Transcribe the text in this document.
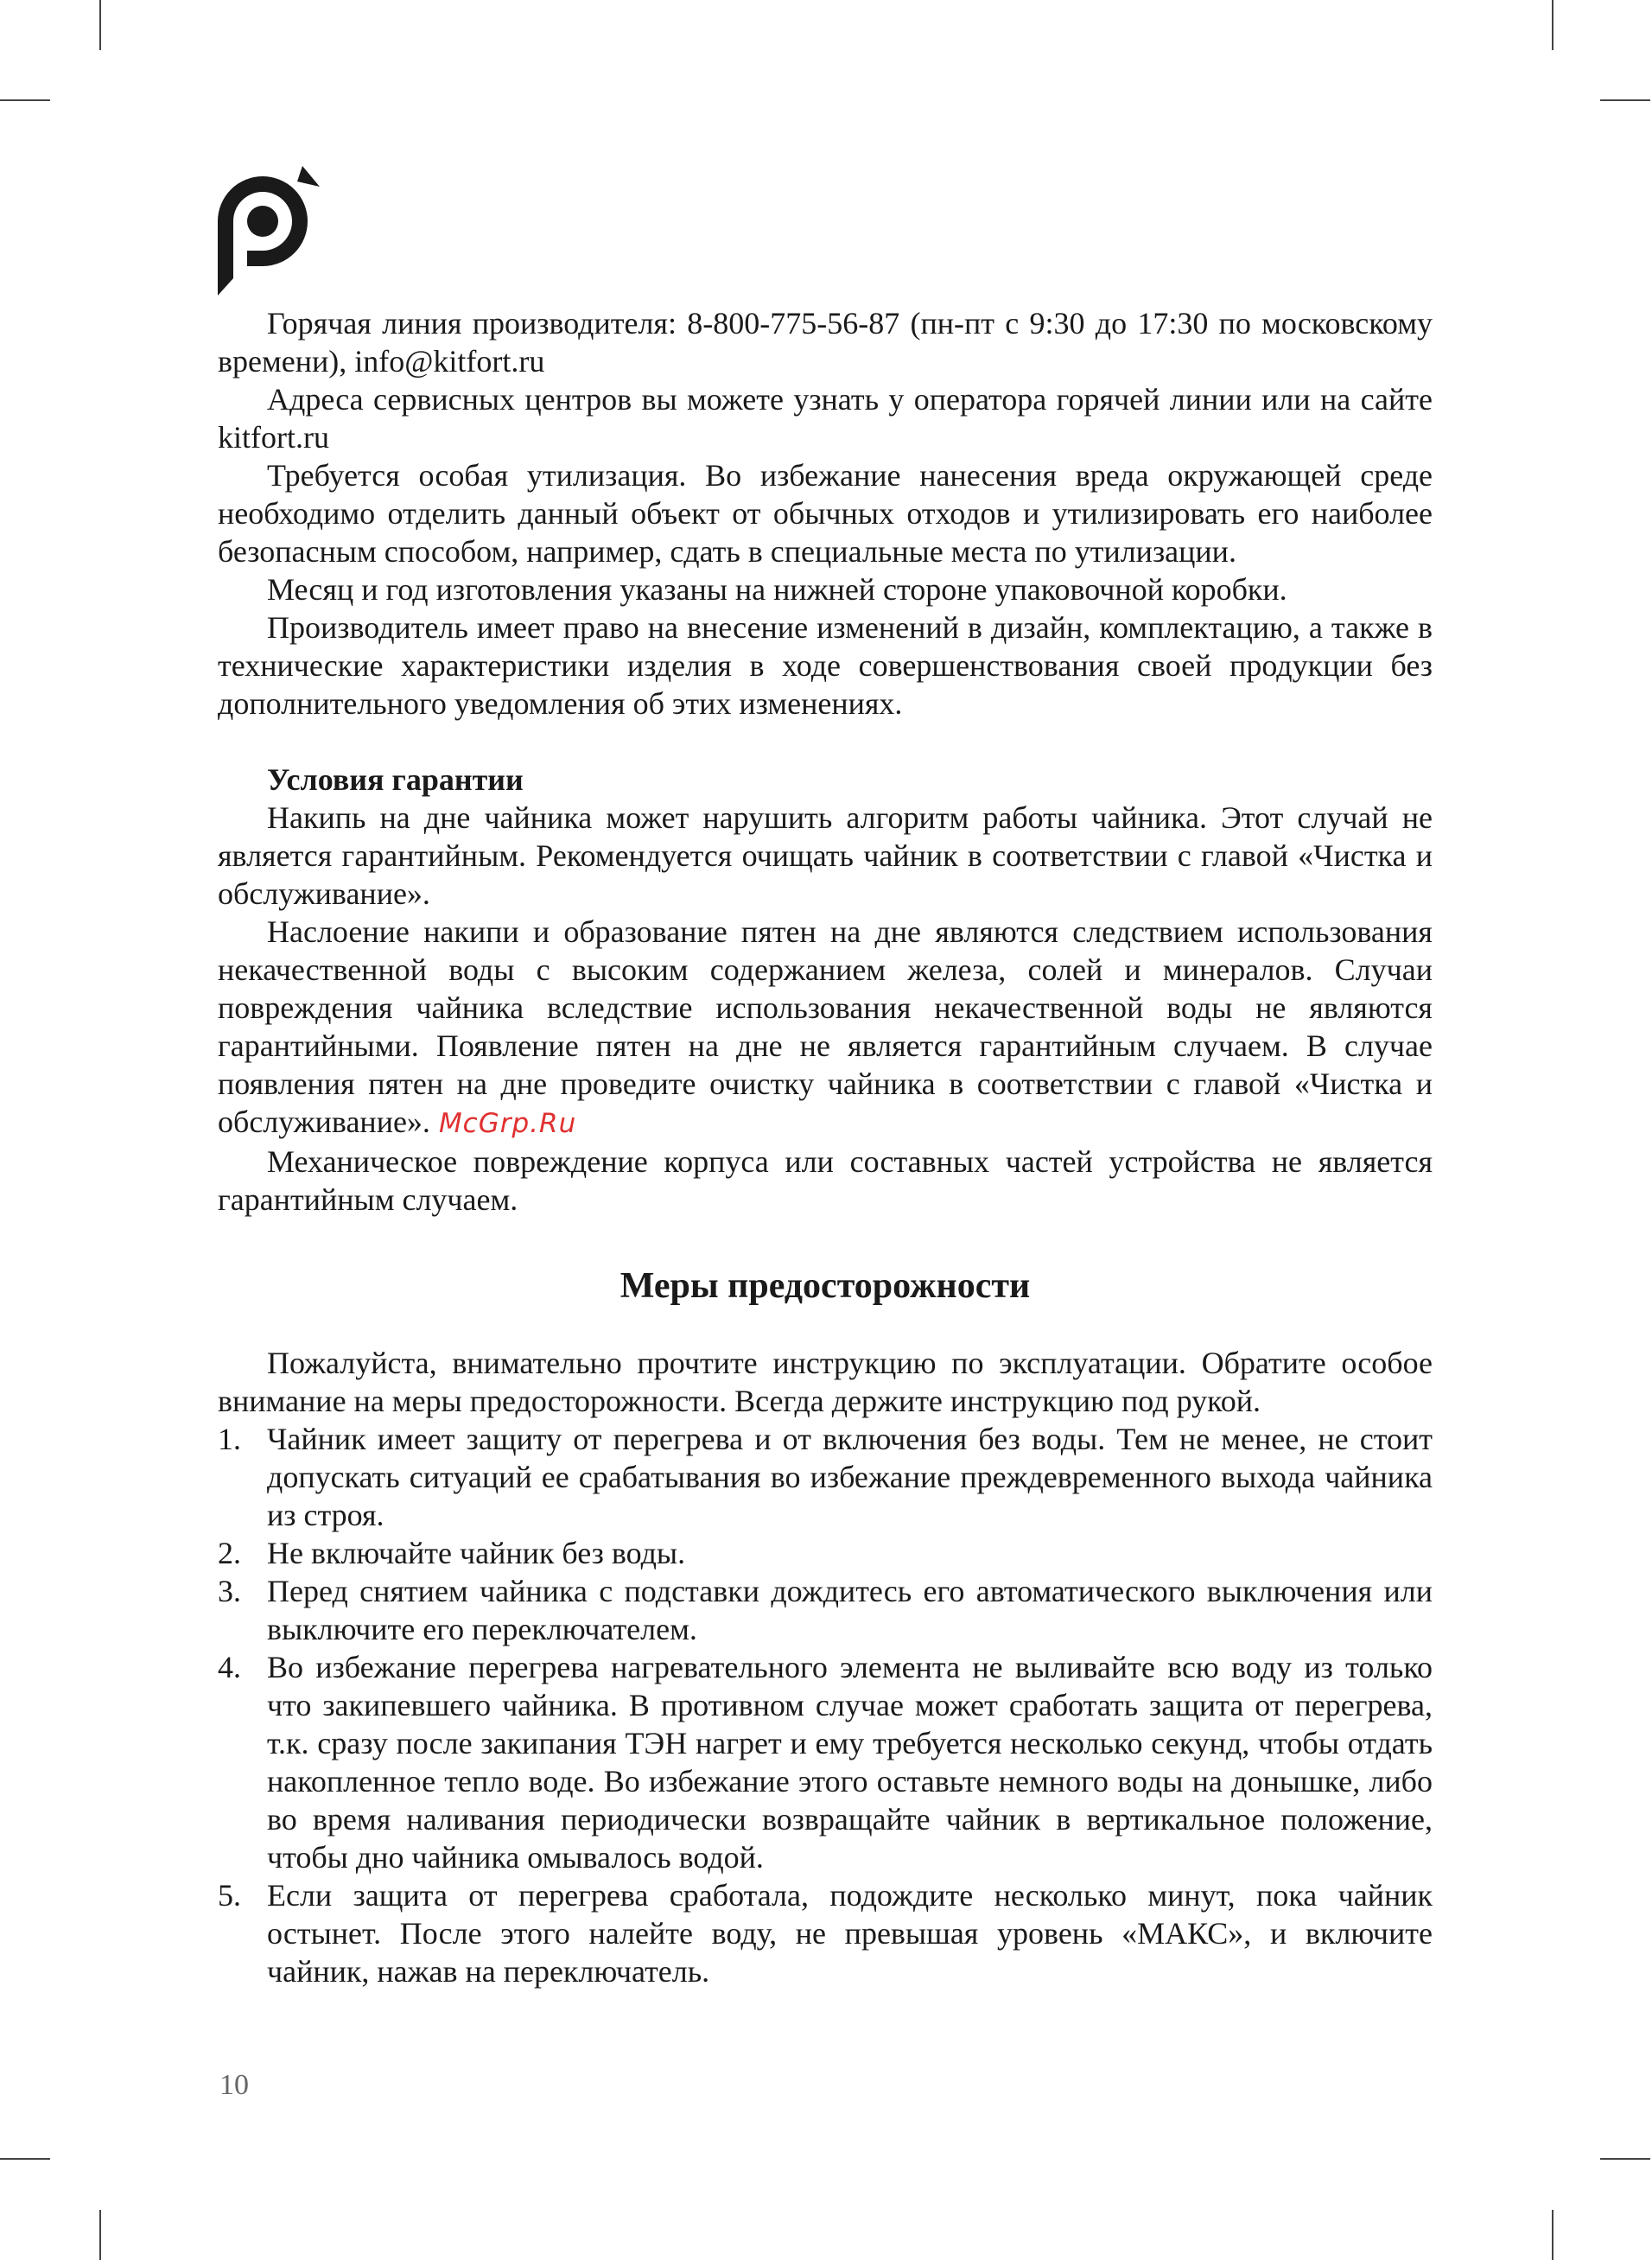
Горячая линия производителя: 8-800-775-56-87 (пн-пт с 9:30 до 17:30 по московскому времени), info@kitfort.ru

Адреса сервисных центров вы можете узнать у оператора горячей линии или на сайте kitfort.ru

Требуется особая утилизация. Во избежание нанесения вреда окружающей среде необходимо отделить данный объект от обычных отходов и утилизировать его наиболее безопасным способом, например, сдать в специальные места по утилизации.

Месяц и год изготовления указаны на нижней стороне упаковочной коробки.

Производитель имеет право на внесение изменений в дизайн, комплектацию, а также в технические характеристики изделия в ходе совершенствования своей продукции без дополнительного уведомления об этих изменениях.

Условия гарантии

Накипь на дне чайника может нарушить алгоритм работы чайника. Этот случай не является гарантийным. Рекомендуется очищать чайник в соответствии с главой «Чистка и обслуживание».

Наслоение накипи и образование пятен на дне являются следствием использования некачественной воды с высоким содержанием железа, солей и минералов. Случаи повреждения чайника вследствие использования некачественной воды не являются гарантийными. Появление пятен на дне не является гарантийным случаем. В случае появления пятен на дне проведите очистку чайника в соответствии с главой «Чистка и обслуживание». McGrp.Ru

Механическое повреждение корпуса или составных частей устройства не является гарантийным случаем.

Меры предосторожности

Пожалуйста, внимательно прочтите инструкцию по эксплуатации. Обратите особое внимание на меры предосторожности. Всегда держите инструкцию под рукой.

1. Чайник имеет защиту от перегрева и от включения без воды. Тем не менее, не стоит допускать ситуаций ее срабатывания во избежание преждевременного выхода чайника из строя.
2. Не включайте чайник без воды.
3. Перед снятием чайника с подставки дождитесь его автоматического выключения или выключите его переключателем.
4. Во избежание перегрева нагревательного элемента не выливайте всю воду из только что закипевшего чайника. В противном случае может сработать защита от перегрева, т.к. сразу после закипания ТЭН нагрет и ему требуется несколько секунд, чтобы отдать накопленное тепло воде. Во избежание этого оставьте немного воды на донышке, либо во время наливания периодически возвращайте чайник в вертикальное положение, чтобы дно чайника омывалось водой.
5. Если защита от перегрева сработала, подождите несколько минут, пока чайник остынет. После этого налейте воду, не превышая уровень «МАКС», и включите чайник, нажав на переключатель.
10
